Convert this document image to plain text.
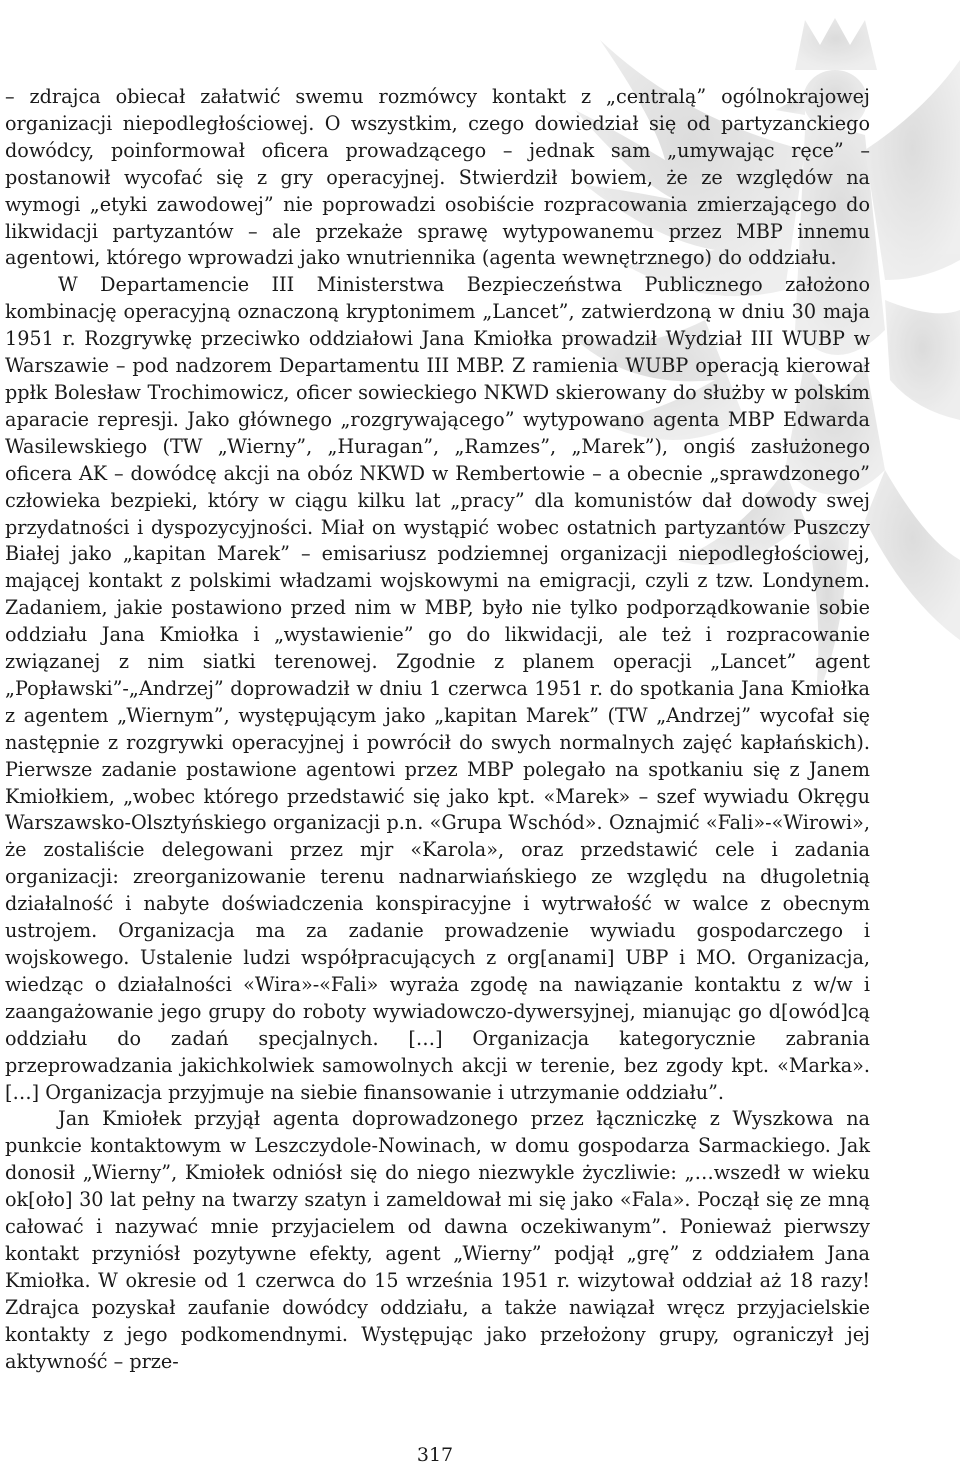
– zdrajca obiecał załatwić swemu rozmówcy kontakt z „centralą” ogólnokrajowej organizacji niepodległościowej. O wszystkim, czego dowiedział się od partyzanckiego dowódcy, poinformował oficera prowadzącego – jednak sam „umywając ręce” – postanowił wycofać się z gry operacyjnej. Stwierdził bowiem, że ze względów na wymogi „etyki zawodowej” nie poprowadzi osobiście rozpracowania zmierzającego do likwidacji partyzantów – ale przekaże sprawę wytypowanemu przez MBP innemu agentowi, którego wprowadzi jako wnutriennika (agenta wewnętrznego) do oddziału.

W Departamencie III Ministerstwa Bezpieczeństwa Publicznego założono kombinację operacyjną oznaczoną kryptonimem „Lancet”, zatwierdzoną w dniu 30 maja 1951 r. Rozgrywkę przeciwko oddziałowi Jana Kmiołka prowadził Wydział III WUBP w Warszawie – pod nadzorem Departamentu III MBP. Z ramienia WUBP operacją kierował ppłk Bolesław Trochimowicz, oficer sowieckiego NKWD skierowany do służby w polskim aparacie represji. Jako głównego „rozgrywającego” wytypowano agenta MBP Edwarda Wasilewskiego (TW „Wierny”, „Huragan”, „Ramzes”, „Marek”), ongiś zasłużonego oficera AK – dowódcę akcji na obóz NKWD w Rembertowie – a obecnie „sprawdzonego” człowieka bezpieki, który w ciągu kilku lat „pracy” dla komunistów dał dowody swej przydatności i dyspozycyjności. Miał on wystąpić wobec ostatnich partyzantów Puszczy Białej jako „kapitan Marek” – emisariusz podziemnej organizacji niepodległościowej, mającej kontakt z polskimi władzami wojskowymi na emigracji, czyli z tzw. Londynem. Zadaniem, jakie postawiono przed nim w MBP, było nie tylko podporządkowanie sobie oddziału Jana Kmiołka i „wystawienie” go do likwidacji, ale też i rozpracowanie związanej z nim siatki terenowej. Zgodnie z planem operacji „Lancet” agent „Popławski”-„Andrzej” doprowadził w dniu 1 czerwca 1951 r. do spotkania Jana Kmiołka z agentem „Wiernym”, występującym jako „kapitan Marek” (TW „Andrzej” wycofał się następnie z rozgrywki operacyjnej i powrócił do swych normalnych zajęć kapłańskich). Pierwsze zadanie postawione agentowi przez MBP polegało na spotkaniu się z Janem Kmiołkiem, „wobec którego przedstawić się jako kpt. «Marek» – szef wywiadu Okręgu Warszawsko-Olsztyńskiego organizacji p.n. «Grupa Wschód». Oznajmić «Fali»-«Wirowi», że zostaliście delegowani przez mjr «Karola», oraz przedstawić cele i zadania organizacji: zreorganizowanie terenu nadnarwiańskiego ze względu na długoletnią działalność i nabyte doświadczenia konspiracyjne i wytrwałość w walce z obecnym ustrojem. Organizacja ma za zadanie prowadzenie wywiadu gospodarczego i wojskowego. Ustalenie ludzi współpracujących z org[anami] UBP i MO. Organizacja, wiedząc o działalności «Wira»-«Fali» wyraża zgodę na nawiązanie kontaktu z w/w i zaangażowanie jego grupy do roboty wywiadowczo-dywersyjnej, mianując go d[owód]cą oddziału do zadań specjalnych. […] Organizacja kategorycznie zabrania przeprowadzania jakichkolwiek samowolnych akcji w terenie, bez zgody kpt. «Marka». […] Organizacja przyjmuje na siebie finansowanie i utrzymanie oddziału”.

Jan Kmiołek przyjął agenta doprowadzonego przez łączniczkę z Wyszkowa na punkcie kontaktowym w Leszczydole-Nowinach, w domu gospodarza Sarmackiego. Jak donosił „Wierny”, Kmiołek odniósł się do niego niezwykle życzliwie: „…wszedł w wieku ok[oło] 30 lat pełny na twarzy szatyn i zameldował mi się jako «Fala». Począł się ze mną całować i nazywać mnie przyjacielem od dawna oczekiwanym”. Ponieważ pierwszy kontakt przyniósł pozytywne efekty, agent „Wierny” podjął „grę” z oddziałem Jana Kmiołka. W okresie od 1 czerwca do 15 września 1951 r. wizytował oddział aż 18 razy! Zdrajca pozyskał zaufanie dowódcy oddziału, a także nawiązał wręcz przyjacielskie kontakty z jego podkomendnymi. Występując jako przełożony grupy, ograniczył jej aktywność – prze-

317
